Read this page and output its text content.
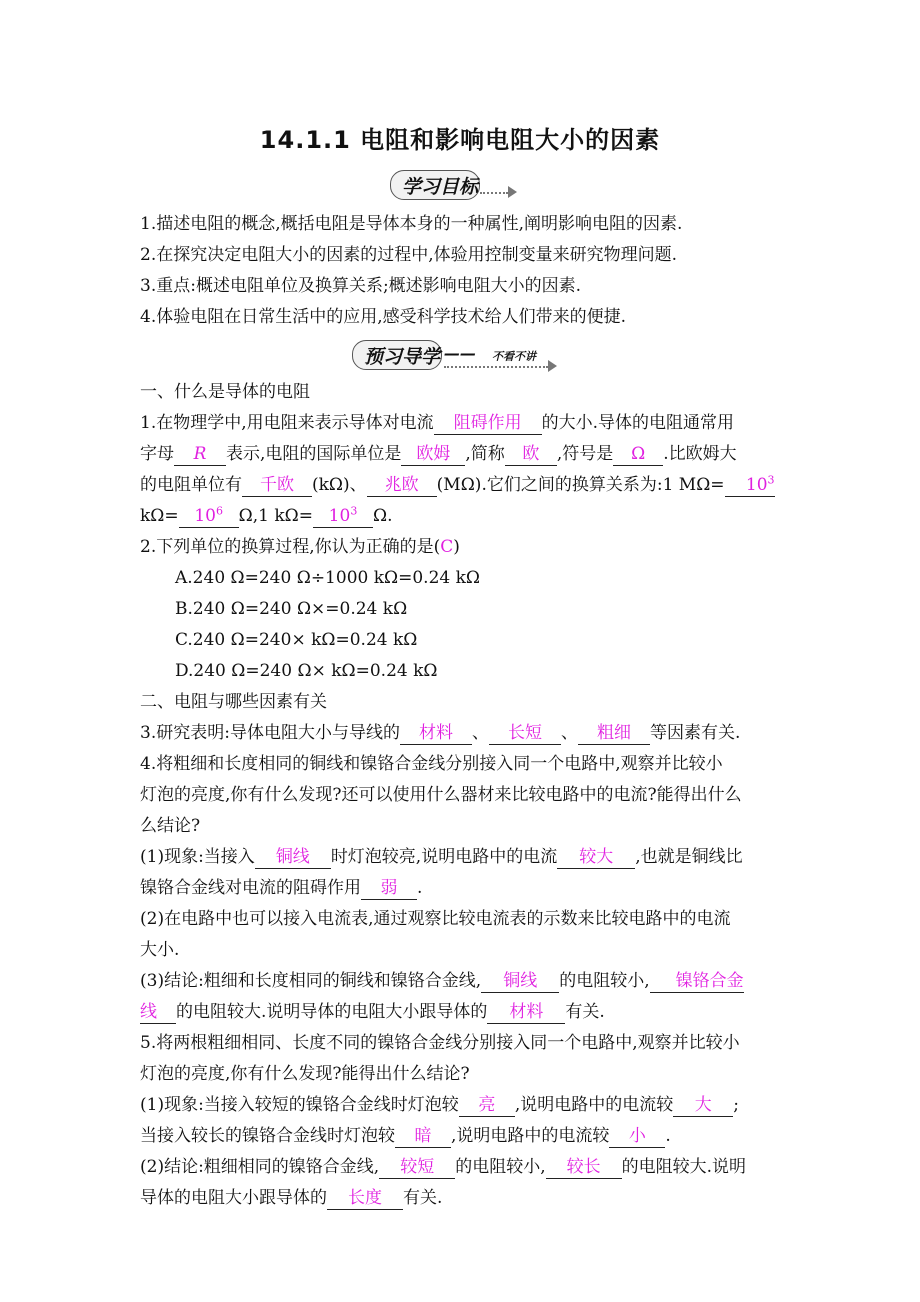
14.1.1 电阻和影响电阻大小的因素
学习目标
1.描述电阻的概念,概括电阻是导体本身的一种属性,阐明影响电阻的因素.
2.在探究决定电阻大小的因素的过程中,体验用控制变量来研究物理问题.
3.重点:概述电阻单位及换算关系;概述影响电阻大小的因素.
4.体验电阻在日常生活中的应用,感受科学技术给人们带来的便捷.
预习导学 —— 不看不讲
一、什么是导体的电阻
1.在物理学中,用电阻来表示导体对电流 阻碍作用 的大小.导体的电阻通常用
字母 R 表示,电阻的国际单位是 欧姆 ,简称 欧 ,符号是 Ω .比欧姆大
的电阻单位有 千欧 (kΩ)、 兆欧 (MΩ).它们之间的换算关系为:1 $M\Omega= 10^3$
$k\Omega= 10^6$ Ω,1 $k\Omega= 10^3$ Ω.
2.下列单位的换算过程,你认为正确的是(C)
A.240 Ω=240 Ω÷1000 kΩ=0.24 kΩ
B.240 Ω=240 Ω×=0.24 kΩ
C.240 Ω=240× kΩ=0.24 kΩ
D.240 Ω=240 Ω× kΩ=0.24 kΩ
二、电阻与哪些因素有关
3.研究表明:导体电阻大小与导线的 材料 、 长短 、 粗细 等因素有关.
4.将粗细和长度相同的铜线和镍铬合金线分别接入同一个电路中,观察并比较小
灯泡的亮度,你有什么发现?还可以使用什么器材来比较电路中的电流?能得出什么
么结论?
(1)现象:当接入 铜线 时灯泡较亮,说明电路中的电流 较大 ,也就是铜线比
镍铬合金线对电流的阻碍作用 弱 .
(2)在电路中也可以接入电流表,通过观察比较电流表的示数来比较电路中的电流
大小.
(3)结论:粗细和长度相同的铜线和镍铬合金线, 铜线 的电阻较小, 镍铬合金
线 的电阻较大.说明导体的电阻大小跟导体的 材料 有关.
5.将两根粗细相同、长度不同的镍铬合金线分别接入同一个电路中,观察并比较小
灯泡的亮度,你有什么发现?能得出什么结论?
(1)现象:当接入较短的镍铬合金线时灯泡较 亮 ,说明电路中的电流较 大 ;
当接入较长的镍铬合金线时灯泡较 暗 ,说明电路中的电流较 小 .
(2)结论:粗细相同的镍铬合金线, 较短 的电阻较小, 较长 的电阻较大.说明
导体的电阻大小跟导体的 长度 有关.
